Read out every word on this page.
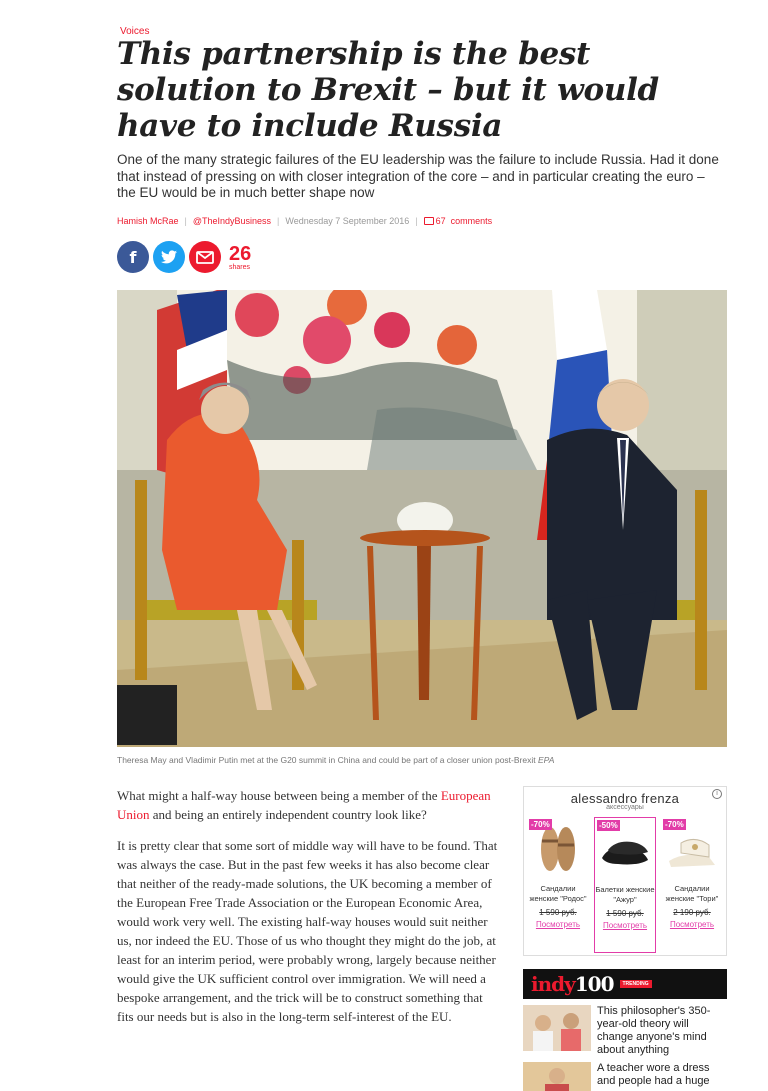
Voices
This partnership is the best solution to Brexit – but it would have to include Russia

One of the many strategic failures of the EU leadership was the failure to include Russia. Had it done that instead of pressing on with closer integration of the core – and in particular creating the euro – the EU would be in much better shape now

Hamish McRae | @TheIndyBusiness | Wednesday 7 September 2016 | 67 comments
f	26
shares
Theresa May and Vladimir Putin met at the G20 summit in China and could be part of a closer union post-Brexit EPA

What might a half-way house between being a member of the European Union and being an entirely independent country look like?

It is pretty clear that some sort of middle way will have to be found. That was always the case. But in the past few weeks it has also become clear that neither of the ready-made solutions, the UK becoming a member of the European Free Trade Association or the European Economic Area, would work very well. The existing half-way houses would suit neither us, nor indeed the EU. Those of us who thought they might do the job, at least for an interim period, were probably wrong, largely because neither would give the UK sufficient control over immigration. We will need a bespoke arrangement, and the trick will be to construct something that fits our needs but is also in the long-term self-interest of the EU.

i
alessandro frenza
аксессуары
-70%
Сандалии женские "Родос"
1 590 руб.
Посмотреть
-50%
Балетки женские "Ажур"
1 590 руб.
Посмотреть
-70%
Сандалии женские "Тори"
2 190 руб.
Посмотреть
indy100	TRENDING
This philosopher's 350-year-old theory will change anyone's mind about anything
A teacher wore a dress and people had a huge
